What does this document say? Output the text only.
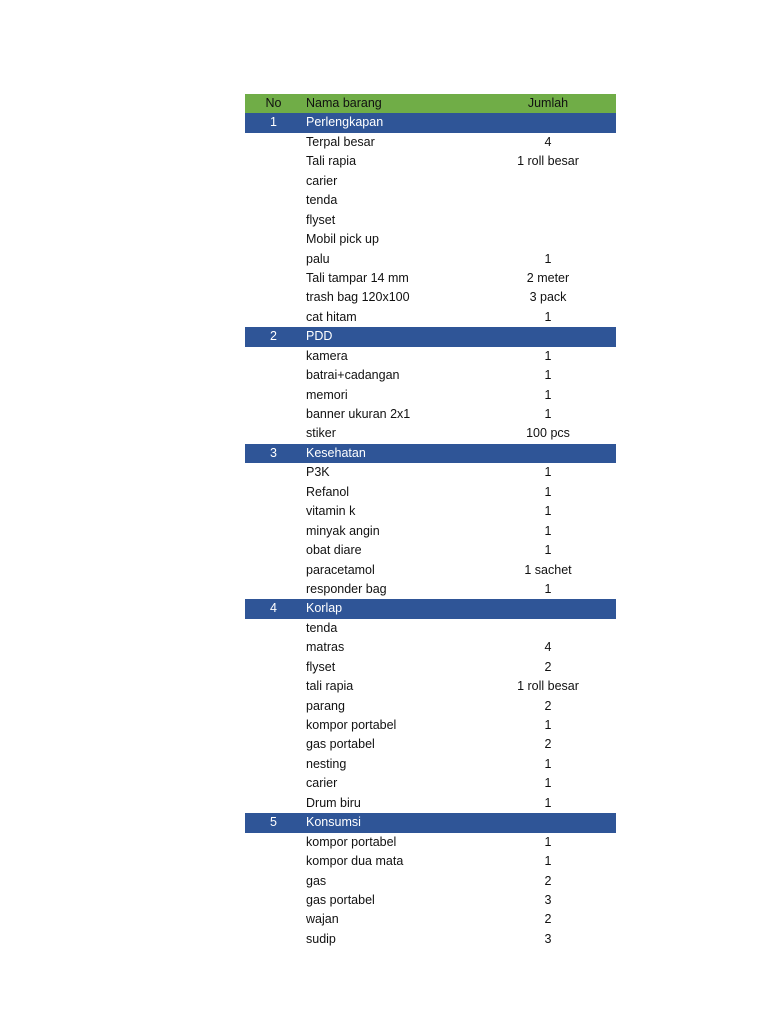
No	Nama barang	Jumlah
1	Perlengkapan
Terpal besar	4
Tali rapia	1 roll besar
carier
tenda
flyset
Mobil pick up
palu	1
Tali tampar 14 mm	2 meter
trash bag 120x100	3 pack
cat hitam	1
2	PDD
kamera	1
batrai+cadangan	1
memori	1
banner ukuran 2x1	1
stiker	100 pcs
3	Kesehatan
P3K	1
Refanol	1
vitamin k	1
minyak angin	1
obat diare	1
paracetamol	1 sachet
responder bag	1
4	Korlap
tenda
matras	4
flyset	2
tali rapia	1 roll besar
parang	2
kompor portabel	1
gas portabel	2
nesting	1
carier	1
Drum biru	1
5	Konsumsi
kompor portabel	1
kompor dua mata	1
gas	2
gas portabel	3
wajan	2
sudip	3
